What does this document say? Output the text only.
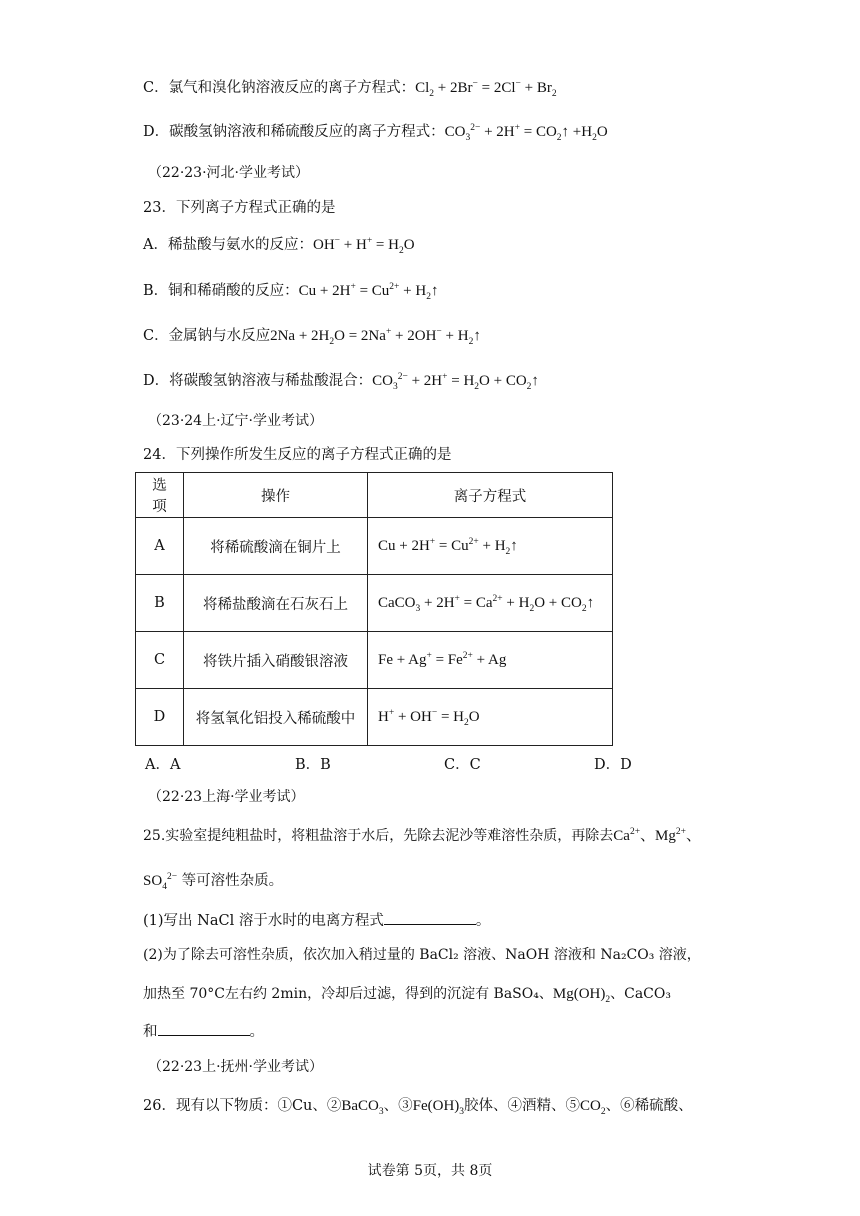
C．氯气和溴化钠溶液反应的离子方程式：$Cl_2 + 2Br^- = 2Cl^- + Br_2$
D．碳酸氢钠溶液和稀硫酸反应的离子方程式：$CO_3^{2-} + 2H^+$ = $CO_2↑ +H_2O$
（22·23·河北·学业考试）
23．下列离子方程式正确的是
A．稀盐酸与氨水的反应：$OH^- + H^+ = H_2O$
B．铜和稀硝酸的反应：$Cu + 2H^+ = Cu^{2+}$ + $H_2↑$
C．金属钠与水反应$2Na + 2H_2O = 2Na^+ + 2OH^-$ + $H_2↑$
D．将碳酸氢钠溶液与稀盐酸混合：$CO_3^{2-} + 2H^+ = H_2O$ + $CO_2↑$
（23·24上·辽宁·学业考试）
24．下列操作所发生反应的离子方程式正确的是
选项	操作	离子方程式
A	将稀硫酸滴在铜片上	$Cu + 2H^+ = Cu^{2+}$ + $H_2↑$
B	将稀盐酸滴在石灰石上	CaCO$_3$ + $2H^+ = Ca^{2+} + H_2O$ + $CO_2↑$
C	将铁片插入硝酸银溶液	$Fe + Ag^+ = Fe^{2+} + Ag$
D	将氢氧化铝投入稀硫酸中	$H^+ + OH^- = H_2O$
A．A	B．B	C．C	D．D
（22·23上海·学业考试）
25.实验室提纯粗盐时，将粗盐溶于水后，先除去泥沙等难溶性杂质，再除去$Ca^{2+}$、$Mg^{2+}$、
$SO_4^{2-}$ 等可溶性杂质。
(1)写出 NaCl 溶于水时的电离方程式	。
(2)为了除去可溶性杂质，依次加入稍过量的 BaCl₂ 溶液、NaOH 溶液和 Na₂CO₃ 溶液，
加热至 70°C左右约 2min，冷却后过滤，得到的沉淀有 BaSO₄、$Mg(OH)_2$、CaCO₃
和	。
（22·23上·抚州·学业考试）
26．现有以下物质：①Cu、②BaCO$_3$、$③Fe(OH)_3$胶体、④酒精、$⑤CO_2$、⑥稀硫酸、
试卷第 5页，共 8页
